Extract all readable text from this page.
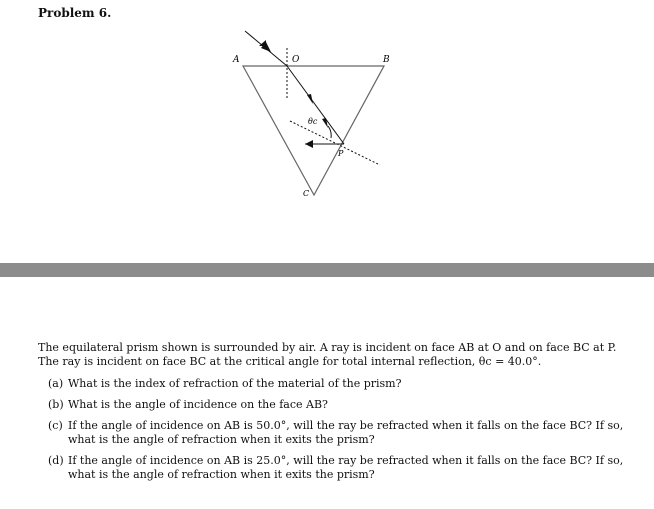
Problem 6.
A	O	B
θc
P
C

The equilateral prism shown is surrounded by air. A ray is incident on face AB at O and on face BC at P.
The ray is incident on face BC at the critical angle for total internal reflection, θc = 40.0°.

(a) What is the index of refraction of the material of the prism?
(b) What is the angle of incidence on the face AB?
(c) If the angle of incidence on AB is 50.0°, will the ray be refracted when it falls on the face BC? If so, what is the angle of refraction when it exits the prism?
(d) If the angle of incidence on AB is 25.0°, will the ray be refracted when it falls on the face BC? If so, what is the angle of refraction when it exits the prism?
